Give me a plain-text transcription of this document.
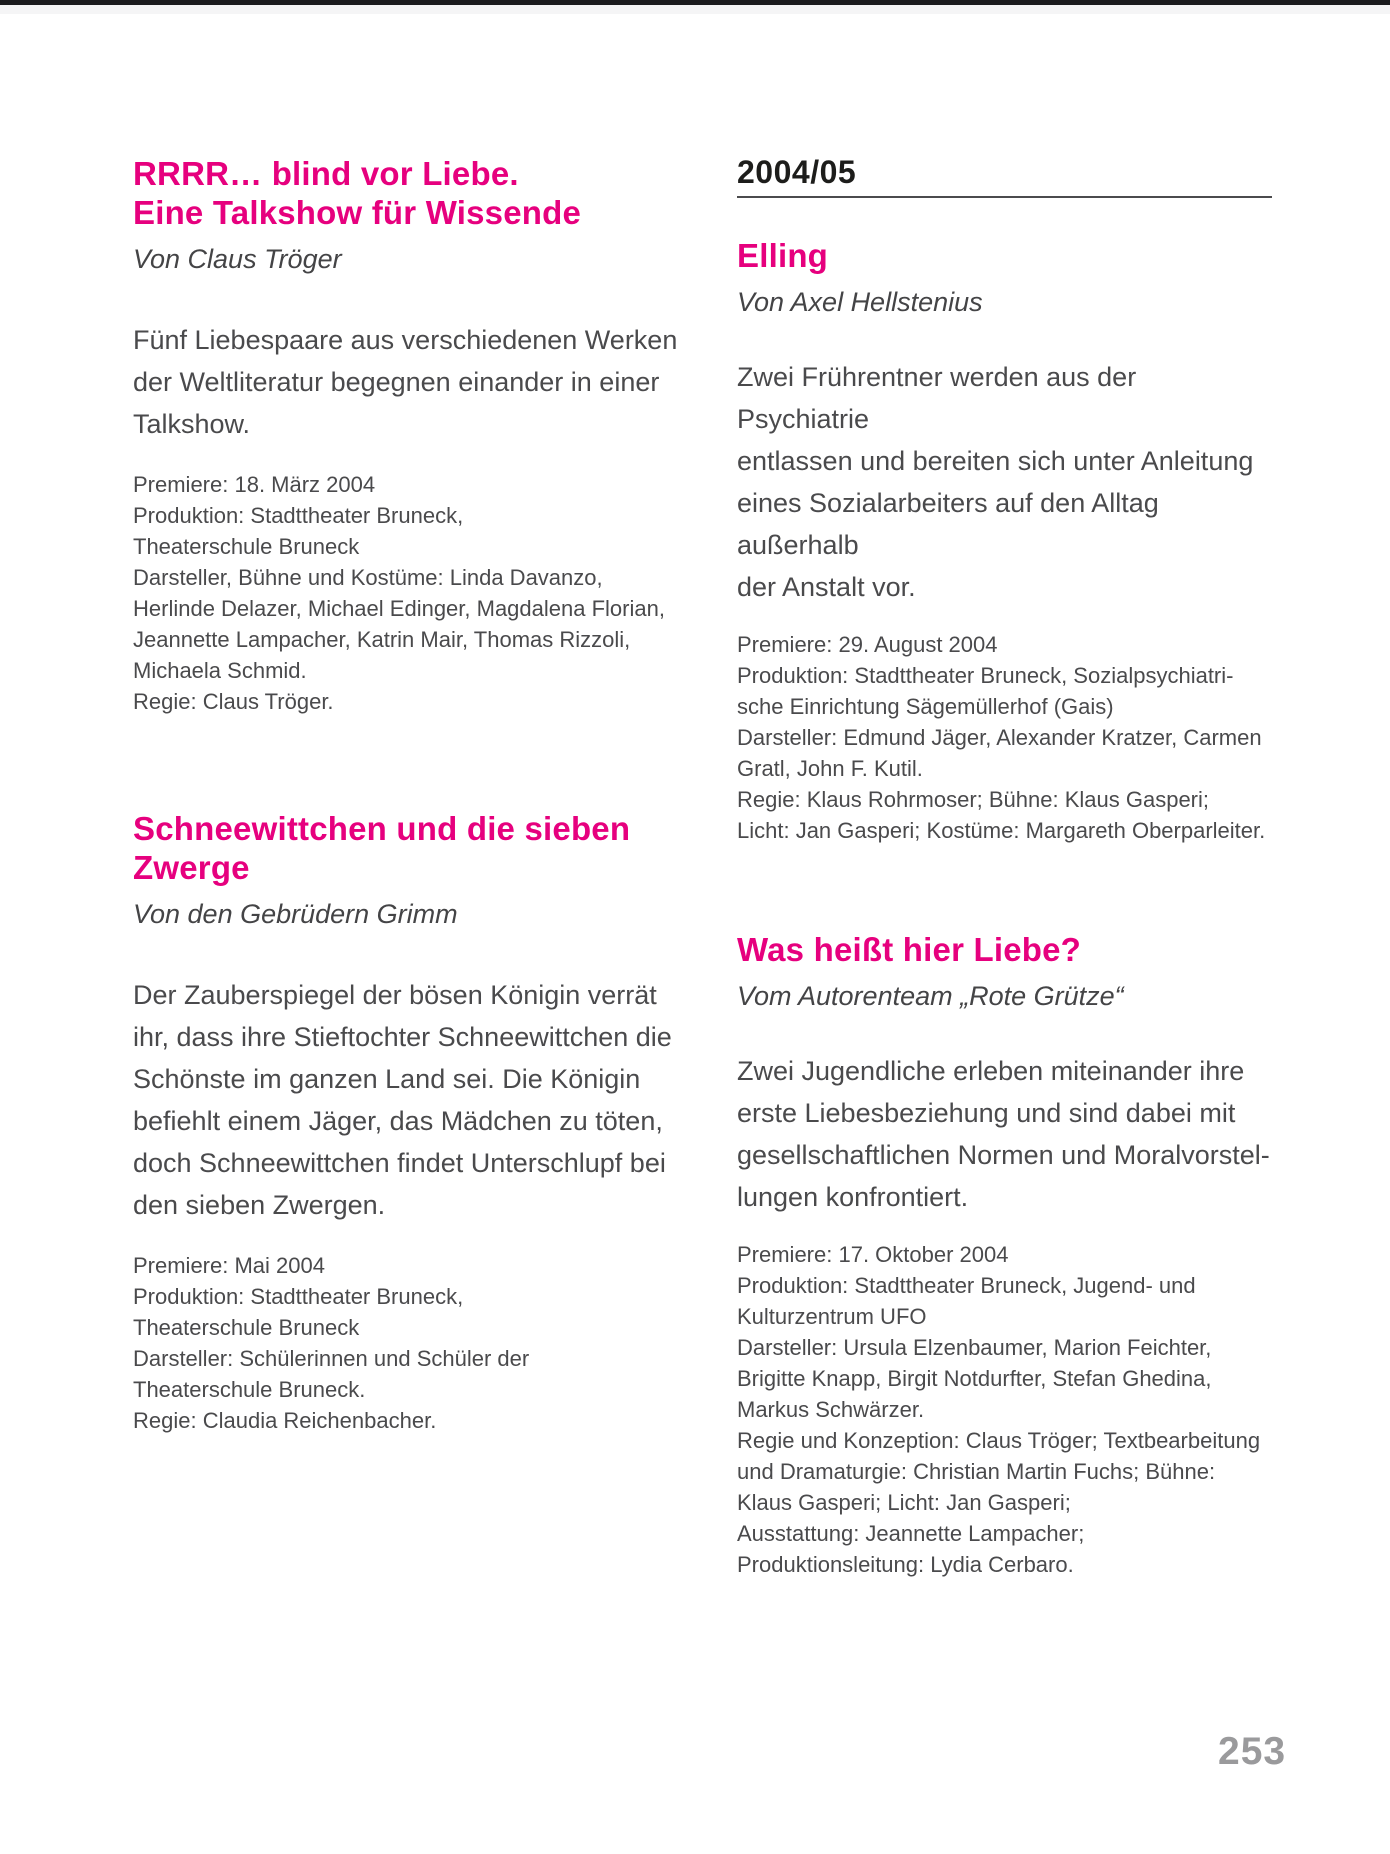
RRRR… blind vor Liebe.
Eine Talkshow für Wissende
Von Claus Tröger
Fünf Liebespaare aus verschiedenen Werken
der Weltliteratur begegnen einander in einer
Talkshow.
Premiere: 18. März 2004
Produktion: Stadttheater Bruneck,
Theaterschule Bruneck
Darsteller, Bühne und Kostüme: Linda Davanzo,
Herlinde Delazer, Michael Edinger, Magdalena Florian,
Jeannette Lampacher, Katrin Mair, Thomas Rizzoli,
Michaela Schmid.
Regie: Claus Tröger.
Schneewittchen und die sieben
Zwerge
Von den Gebrüdern Grimm
Der Zauberspiegel der bösen Königin verrät
ihr, dass ihre Stieftochter Schneewittchen die
Schönste im ganzen Land sei. Die Königin
befiehlt einem Jäger, das Mädchen zu töten,
doch Schneewittchen findet Unterschlupf bei
den sieben Zwergen.
Premiere: Mai 2004
Produktion: Stadttheater Bruneck,
Theaterschule Bruneck
Darsteller: Schülerinnen und Schüler der
Theaterschule Bruneck.
Regie: Claudia Reichenbacher.
2004/05
Elling
Von Axel Hellstenius
Zwei Frührentner werden aus der Psychiatrie
entlassen und bereiten sich unter Anleitung
eines Sozialarbeiters auf den Alltag außerhalb
der Anstalt vor.
Premiere: 29. August 2004
Produktion: Stadttheater Bruneck, Sozialpsychiatri-
sche Einrichtung Sägemüllerhof (Gais)
Darsteller: Edmund Jäger, Alexander Kratzer, Carmen
Gratl, John F. Kutil.
Regie: Klaus Rohrmoser; Bühne: Klaus Gasperi;
Licht: Jan Gasperi; Kostüme: Margareth Oberparleiter.
Was heißt hier Liebe?
Vom Autorenteam „Rote Grütze“
Zwei Jugendliche erleben miteinander ihre
erste Liebesbeziehung und sind dabei mit
gesellschaftlichen Normen und Moralvorstel-
lungen konfrontiert.
Premiere: 17. Oktober 2004
Produktion: Stadttheater Bruneck, Jugend- und
Kulturzentrum UFO
Darsteller: Ursula Elzenbaumer, Marion Feichter,
Brigitte Knapp, Birgit Notdurfter, Stefan Ghedina,
Markus Schwärzer.
Regie und Konzeption: Claus Tröger; Textbearbeitung
und Dramaturgie: Christian Martin Fuchs; Bühne:
Klaus Gasperi; Licht: Jan Gasperi;
Ausstattung: Jeannette Lampacher;
Produktionsleitung: Lydia Cerbaro.
253
